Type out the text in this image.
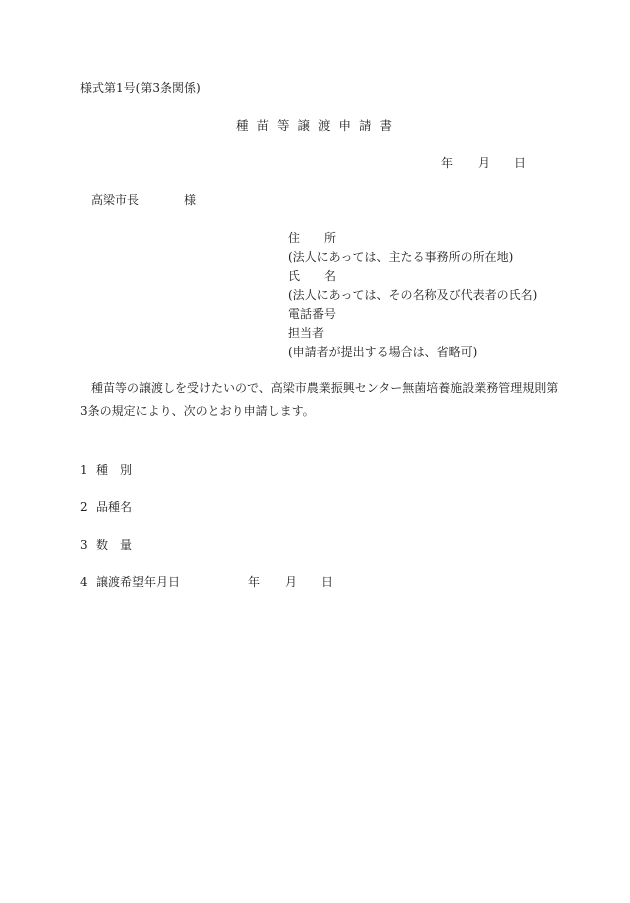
様式第1号(第3条関係)
種苗等譲渡申請書
年 月 日
高梁市長	様
住　　所
(法人にあっては、主たる事務所の所在地)
氏　　名
(法人にあっては、その名称及び代表者の氏名)
電話番号
担当者
(申請者が提出する場合は、省略可)
種苗等の譲渡しを受けたいので、高梁市農業振興センター無菌培養施設業務管理規則第
3条の規定により、次のとおり申請します。
1 種　別
2 品種名
3 数　量
4 譲渡希望年月日	年 月 日
